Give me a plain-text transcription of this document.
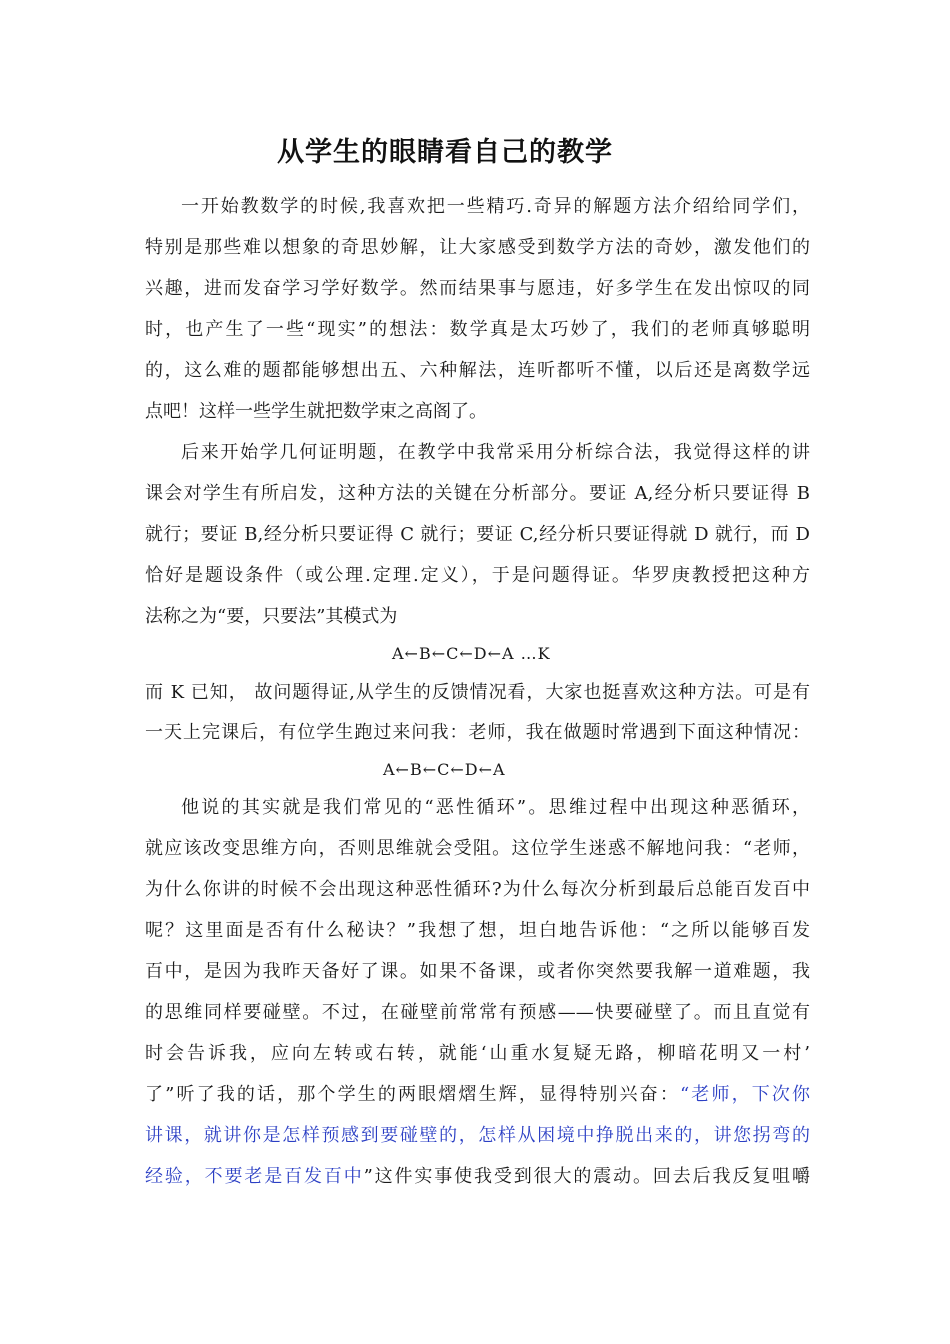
从学生的眼睛看自己的教学
一开始教数学的时候,我喜欢把一些精巧.奇异的解题方法介绍给同学们，
特别是那些难以想象的奇思妙解，让大家感受到数学方法的奇妙，激发他们的
兴趣，进而发奋学习学好数学。然而结果事与愿违，好多学生在发出惊叹的同
时，也产生了一些“现实”的想法：数学真是太巧妙了，我们的老师真够聪明
的，这么难的题都能够想出五、六种解法，连听都听不懂，以后还是离数学远
点吧！这样一些学生就把数学束之高阁了。
后来开始学几何证明题，在教学中我常采用分析综合法，我觉得这样的讲
课会对学生有所启发，这种方法的关键在分析部分。要证 A,经分析只要证得 B
就行；要证 B,经分析只要证得 C 就行；要证 C,经分析只要证得就 D 就行，而 D
恰好是题设条件（或公理.定理.定义），于是问题得证。华罗庚教授把这种方
法称之为“要，只要法”其模式为
A←B←C←D←A …K
而 K 已知， 故问题得证,从学生的反馈情况看，大家也挺喜欢这种方法。可是有
一天上完课后，有位学生跑过来问我：老师，我在做题时常遇到下面这种情况：
A←B←C←D←A
他说的其实就是我们常见的“恶性循环”。思维过程中出现这种恶循环，
就应该改变思维方向，否则思维就会受阻。这位学生迷惑不解地问我：“老师，
为什么你讲的时候不会出现这种恶性循环?为什么每次分析到最后总能百发百中
呢？这里面是否有什么秘诀？”我想了想，坦白地告诉他：“之所以能够百发
百中，是因为我昨天备好了课。如果不备课，或者你突然要我解一道难题，我
的思维同样要碰壁。不过，在碰壁前常常有预感——快要碰壁了。而且直觉有
时会告诉我，应向左转或右转，就能‘山重水复疑无路，柳暗花明又一村’
了”听了我的话，那个学生的两眼熠熠生辉，显得特别兴奋：“老师，下次你
讲课，就讲你是怎样预感到要碰壁的，怎样从困境中挣脱出来的，讲您拐弯的
经验，不要老是百发百中”这件实事使我受到很大的震动。回去后我反复咀嚼
